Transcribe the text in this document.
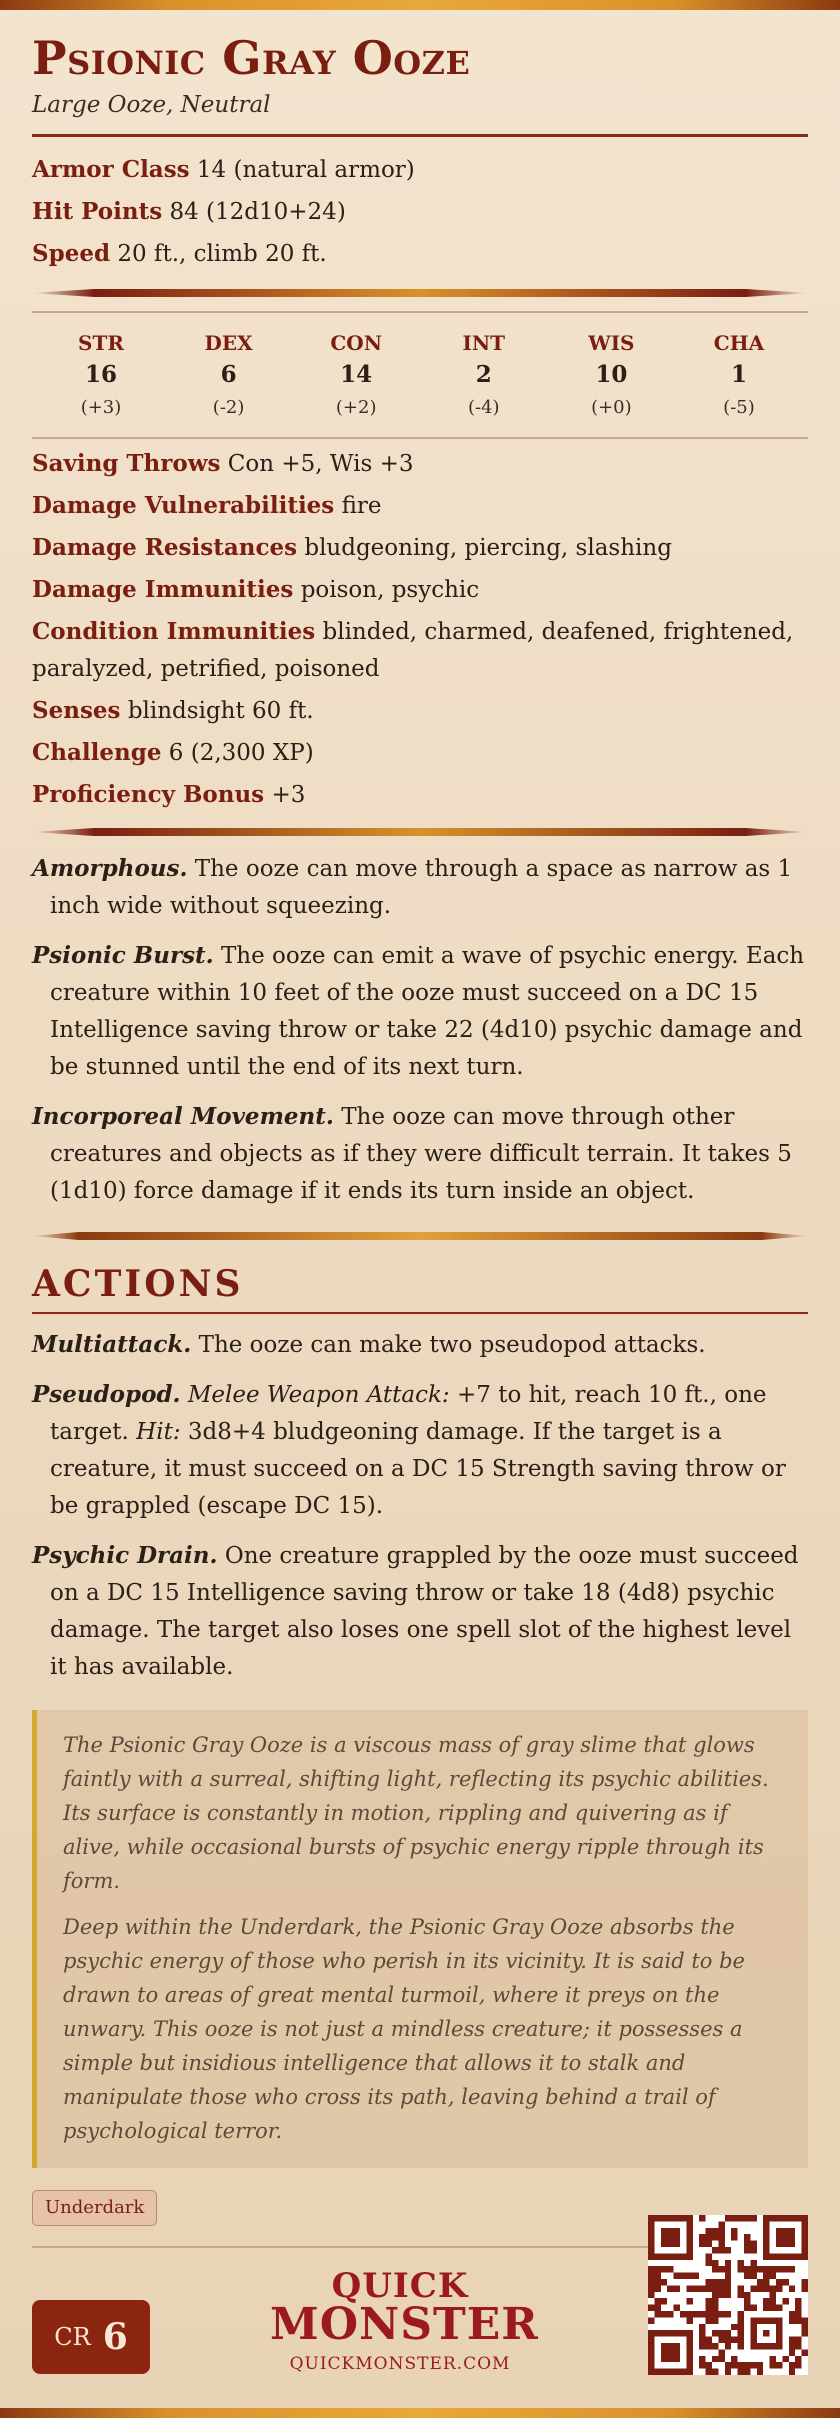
Psionic Gray Ooze
Large Ooze, Neutral
Armor Class 14 (natural armor)
Hit Points 84 (12d10+24)
Speed 20 ft., climb 20 ft.
STR
16
(+3)
DEX
6
(-2)
CON
14
(+2)
INT
2
(-4)
WIS
10
(+0)
CHA
1
(-5)
Saving Throws Con +5, Wis +3
Damage Vulnerabilities fire
Damage Resistances bludgeoning, piercing, slashing
Damage Immunities poison, psychic
Condition Immunities blinded, charmed, deafened, frightened, paralyzed, petrified, poisoned
Senses blindsight 60 ft.
Challenge 6 (2,300 XP)
Proficiency Bonus +3
Amorphous. The ooze can move through a space as narrow as 1 inch wide without squeezing.
Psionic Burst. The ooze can emit a wave of psychic energy. Each creature within 10 feet of the ooze must succeed on a DC 15 Intelligence saving throw or take 22 (4d10) psychic damage and be stunned until the end of its next turn.
Incorporeal Movement. The ooze can move through other creatures and objects as if they were difficult terrain. It takes 5 (1d10) force damage if it ends its turn inside an object.
ACTIONS
Multiattack. The ooze can make two pseudopod attacks.
Pseudopod. Melee Weapon Attack: +7 to hit, reach 10 ft., one target. Hit: 3d8+4 bludgeoning damage. If the target is a creature, it must succeed on a DC 15 Strength saving throw or be grappled (escape DC 15).
Psychic Drain. One creature grappled by the ooze must succeed on a DC 15 Intelligence saving throw or take 18 (4d8) psychic damage. The target also loses one spell slot of the highest level it has available.

The Psionic Gray Ooze is a viscous mass of gray slime that glows faintly with a surreal, shifting light, reflecting its psychic abilities. Its surface is constantly in motion, rippling and quivering as if alive, while occasional bursts of psychic energy ripple through its form.

Deep within the Underdark, the Psionic Gray Ooze absorbs the psychic energy of those who perish in its vicinity. It is said to be drawn to areas of great mental turmoil, where it preys on the unwary. This ooze is not just a mindless creature; it possesses a simple but insidious intelligence that allows it to stalk and manipulate those who cross its path, leaving behind a trail of psychological terror.

Underdark
CR 6
QUICK
MONSTER
QUICKMONSTER.COM
